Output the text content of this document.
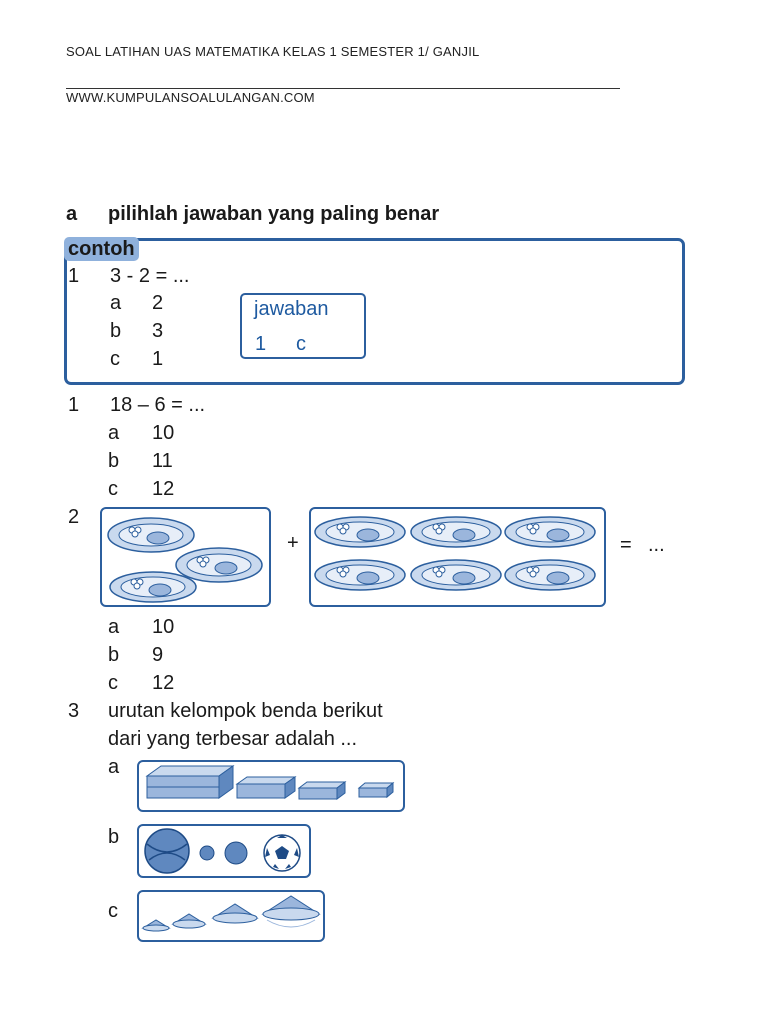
SOAL LATIHAN UAS MATEMATIKA KELAS 1 SEMESTER 1/ GANJIL
WWW.KUMPULANSOALULANGAN.COM
a pilihlah jawaban yang paling benar
contoh
1 3 - 2 = ...
a 2
b 3
c 1
jawaban
1 c
1 18 – 6 = ...
a 10
b 11
c 12
2
+	= ...
a 10
b 9
c 12
3 urutan kelompok benda berikut
dari yang terbesar adalah ...
a
b
c
